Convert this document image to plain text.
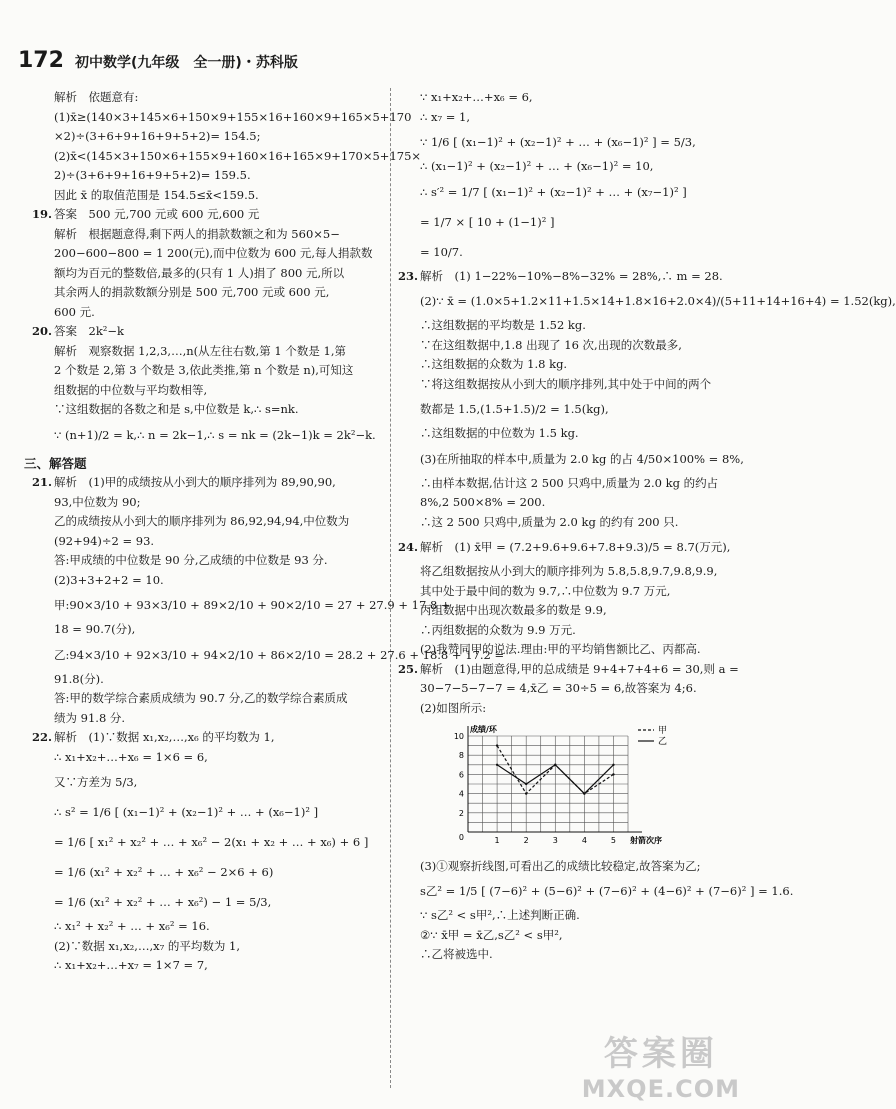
172 初中数学(九年级　全一册)・苏科版
解析　依题意有:
(1)x̄≥(140×3+145×6+150×9+155×16+160×9+165×5+170
×2)÷(3+6+9+16+9+5+2)= 154.5;
(2)x̄<(145×3+150×6+155×9+160×16+165×9+170×5+175×
2)÷(3+6+9+16+9+5+2)= 159.5.
因此 x̄ 的取值范围是 154.5≤x̄<159.5.
19. 答案　500 元,700 元或 600 元,600 元
解析　根据题意得,剩下两人的捐款数额之和为 560×5−
200−600−800 = 1 200(元),而中位数为 600 元,每人捐款数
额均为百元的整数倍,最多的(只有 1 人)捐了 800 元,所以
其余两人的捐款数额分别是 500 元,700 元或 600 元,
600 元.
20. 答案　2k²−k
解析　观察数据 1,2,3,…,n(从左往右数,第 1 个数是 1,第
2 个数是 2,第 3 个数是 3,依此类推,第 n 个数是 n),可知这
组数据的中位数与平均数相等,
∵这组数据的各数之和是 s,中位数是 k,∴ s=nk.
∵ (n+1)/2 = k,∴ n = 2k−1,∴ s = nk = (2k−1)k = 2k²−k.
三、解答题
21. 解析　(1)甲的成绩按从小到大的顺序排列为 89,90,90,
93,中位数为 90;
乙的成绩按从小到大的顺序排列为 86,92,94,94,中位数为
(92+94)÷2 = 93.
答:甲成绩的中位数是 90 分,乙成绩的中位数是 93 分.
(2)3+3+2+2 = 10.
甲:90×3/10 + 93×3/10 + 89×2/10 + 90×2/10 = 27 + 27.9 + 17.8 +
18 = 90.7(分),
乙:94×3/10 + 92×3/10 + 94×2/10 + 86×2/10 = 28.2 + 27.6 + 18.8 + 17.2 =
91.8(分).
答:甲的数学综合素质成绩为 90.7 分,乙的数学综合素质成
绩为 91.8 分.
22. 解析　(1)∵数据 x₁,x₂,…,x₆ 的平均数为 1,
∴ x₁+x₂+…+x₆ = 1×6 = 6,
又∵方差为 5/3,
∴ s² = 1/6 [ (x₁−1)² + (x₂−1)² + … + (x₆−1)² ]
= 1/6 [ x₁² + x₂² + … + x₆² − 2(x₁ + x₂ + … + x₆) + 6 ]
= 1/6 (x₁² + x₂² + … + x₆² − 2×6 + 6)
= 1/6 (x₁² + x₂² + … + x₆²) − 1 = 5/3,
∴ x₁² + x₂² + … + x₆² = 16.
(2)∵数据 x₁,x₂,…,x₇ 的平均数为 1,
∴ x₁+x₂+…+x₇ = 1×7 = 7,
∵ x₁+x₂+…+x₆ = 6,
∴ x₇ = 1,
∵ 1/6 [ (x₁−1)² + (x₂−1)² + … + (x₆−1)² ] = 5/3,
∴ (x₁−1)² + (x₂−1)² + … + (x₆−1)² = 10,
∴ s′² = 1/7 [ (x₁−1)² + (x₂−1)² + … + (x₇−1)² ]
= 1/7 × [ 10 + (1−1)² ]
= 10/7.
23. 解析　(1) 1−22%−10%−8%−32% = 28%,∴ m = 28.
(2)∵ x̄ = (1.0×5+1.2×11+1.5×14+1.8×16+2.0×4)/(5+11+14+16+4) = 1.52(kg),
∴这组数据的平均数是 1.52 kg.
∵在这组数据中,1.8 出现了 16 次,出现的次数最多,
∴这组数据的众数为 1.8 kg.
∵将这组数据按从小到大的顺序排列,其中处于中间的两个
数都是 1.5,(1.5+1.5)/2 = 1.5(kg),
∴这组数据的中位数为 1.5 kg.
(3)在所抽取的样本中,质量为 2.0 kg 的占 4/50×100% = 8%,
∴由样本数据,估计这 2 500 只鸡中,质量为 2.0 kg 的约占
8%,2 500×8% = 200.
∴这 2 500 只鸡中,质量为 2.0 kg 的约有 200 只.
24. 解析　(1) x̄甲 = (7.2+9.6+9.6+7.8+9.3)/5 = 8.7(万元),
将乙组数据按从小到大的顺序排列为 5.8,5.8,9.7,9.8,9.9,
其中处于最中间的数为 9.7,∴中位数为 9.7 万元,
丙组数据中出现次数最多的数是 9.9,
∴丙组数据的众数为 9.9 万元.
(2)我赞同甲的说法.理由:甲的平均销售额比乙、丙都高.
25. 解析　(1)由题意得,甲的总成绩是 9+4+7+4+6 = 30,则 a =
30−7−5−7−7 = 4,x̄乙 = 30÷5 = 6,故答案为 4;6.
(2)如图所示:
2
4
6
8
10
0	1	2	3	4	5
成绩/环
射箭次序
甲
乙
(3)①观察折线图,可看出乙的成绩比较稳定,故答案为乙;
s乙² = 1/5 [ (7−6)² + (5−6)² + (7−6)² + (4−6)² + (7−6)² ] = 1.6.
∵ s乙² < s甲²,∴上述判断正确.
②∵ x̄甲 = x̄乙,s乙² < s甲²,
∴乙将被选中.
答案圈
MXQE.COM
